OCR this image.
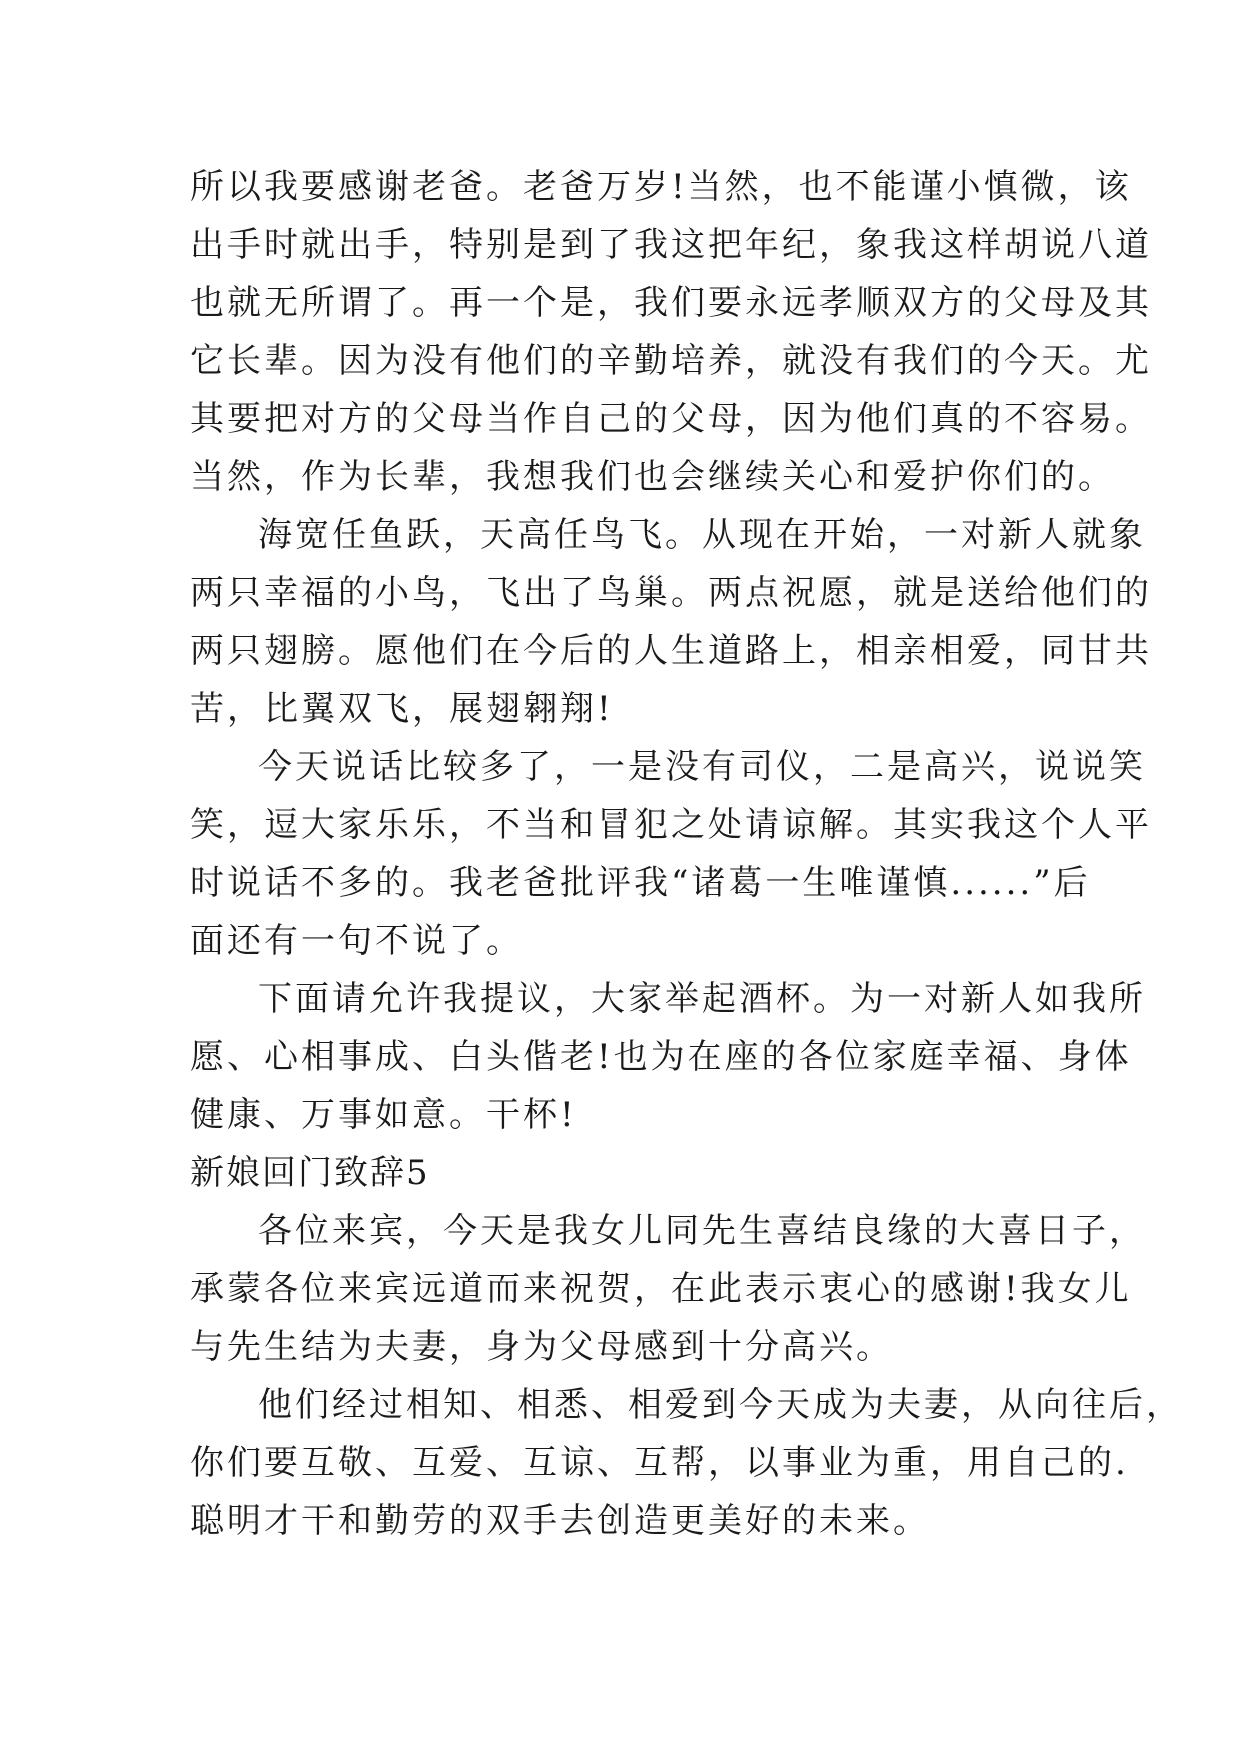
所以我要感谢老爸。老爸万岁!当然，也不能谨小慎微，该
出手时就出手，特别是到了我这把年纪，象我这样胡说八道
也就无所谓了。再一个是，我们要永远孝顺双方的父母及其
它长辈。因为没有他们的辛勤培养，就没有我们的今天。尤
其要把对方的父母当作自己的父母，因为他们真的不容易。
当然，作为长辈，我想我们也会继续关心和爱护你们的。
海宽任鱼跃，天高任鸟飞。从现在开始，一对新人就象
两只幸福的小鸟，飞出了鸟巢。两点祝愿，就是送给他们的
两只翅膀。愿他们在今后的人生道路上，相亲相爱，同甘共
苦，比翼双飞，展翅翱翔!
今天说话比较多了，一是没有司仪，二是高兴，说说笑
笑，逗大家乐乐，不当和冒犯之处请谅解。其实我这个人平
时说话不多的。我老爸批评我“诸葛一生唯谨慎......”后
面还有一句不说了。
下面请允许我提议，大家举起酒杯。为一对新人如我所
愿、心相事成、白头偕老!也为在座的各位家庭幸福、身体
健康、万事如意。干杯!
新娘回门致辞5
各位来宾，今天是我女儿同先生喜结良缘的大喜日子，
承蒙各位来宾远道而来祝贺，在此表示衷心的感谢!我女儿
与先生结为夫妻，身为父母感到十分高兴。
他们经过相知、相悉、相爱到今天成为夫妻，从向往后，
你们要互敬、互爱、互谅、互帮，以事业为重，用自己的.
聪明才干和勤劳的双手去创造更美好的未来。
